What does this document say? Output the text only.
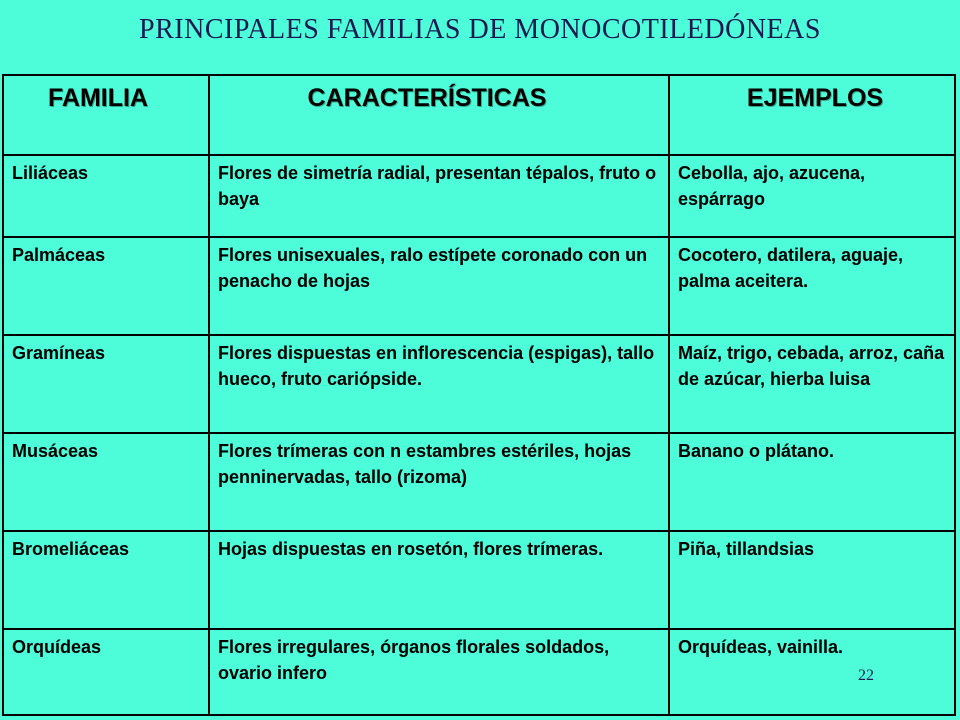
PRINCIPALES FAMILIAS DE MONOCOTILEDÓNEAS
FAMILIA	CARACTERÍSTICAS	EJEMPLOS
Liliáceas	Flores de simetría radial, presentan tépalos, fruto o baya	Cebolla, ajo, azucena, espárrago
Palmáceas	Flores unisexuales, ralo estípete coronado con un penacho de hojas	Cocotero, datilera, aguaje, palma aceitera.
Gramíneas	Flores dispuestas en inflorescencia (espigas), tallo hueco, fruto cariópside.	Maíz, trigo, cebada, arroz, caña de azúcar, hierba luisa
Musáceas	Flores trímeras con n estambres estériles, hojas penninervadas, tallo (rizoma)	Banano o plátano.
Bromeliáceas	Hojas dispuestas en rosetón, flores trímeras.	Piña, tillandsias
Orquídeas	Flores irregulares, órganos florales soldados, ovario infero	Orquídeas, vainilla.
22
